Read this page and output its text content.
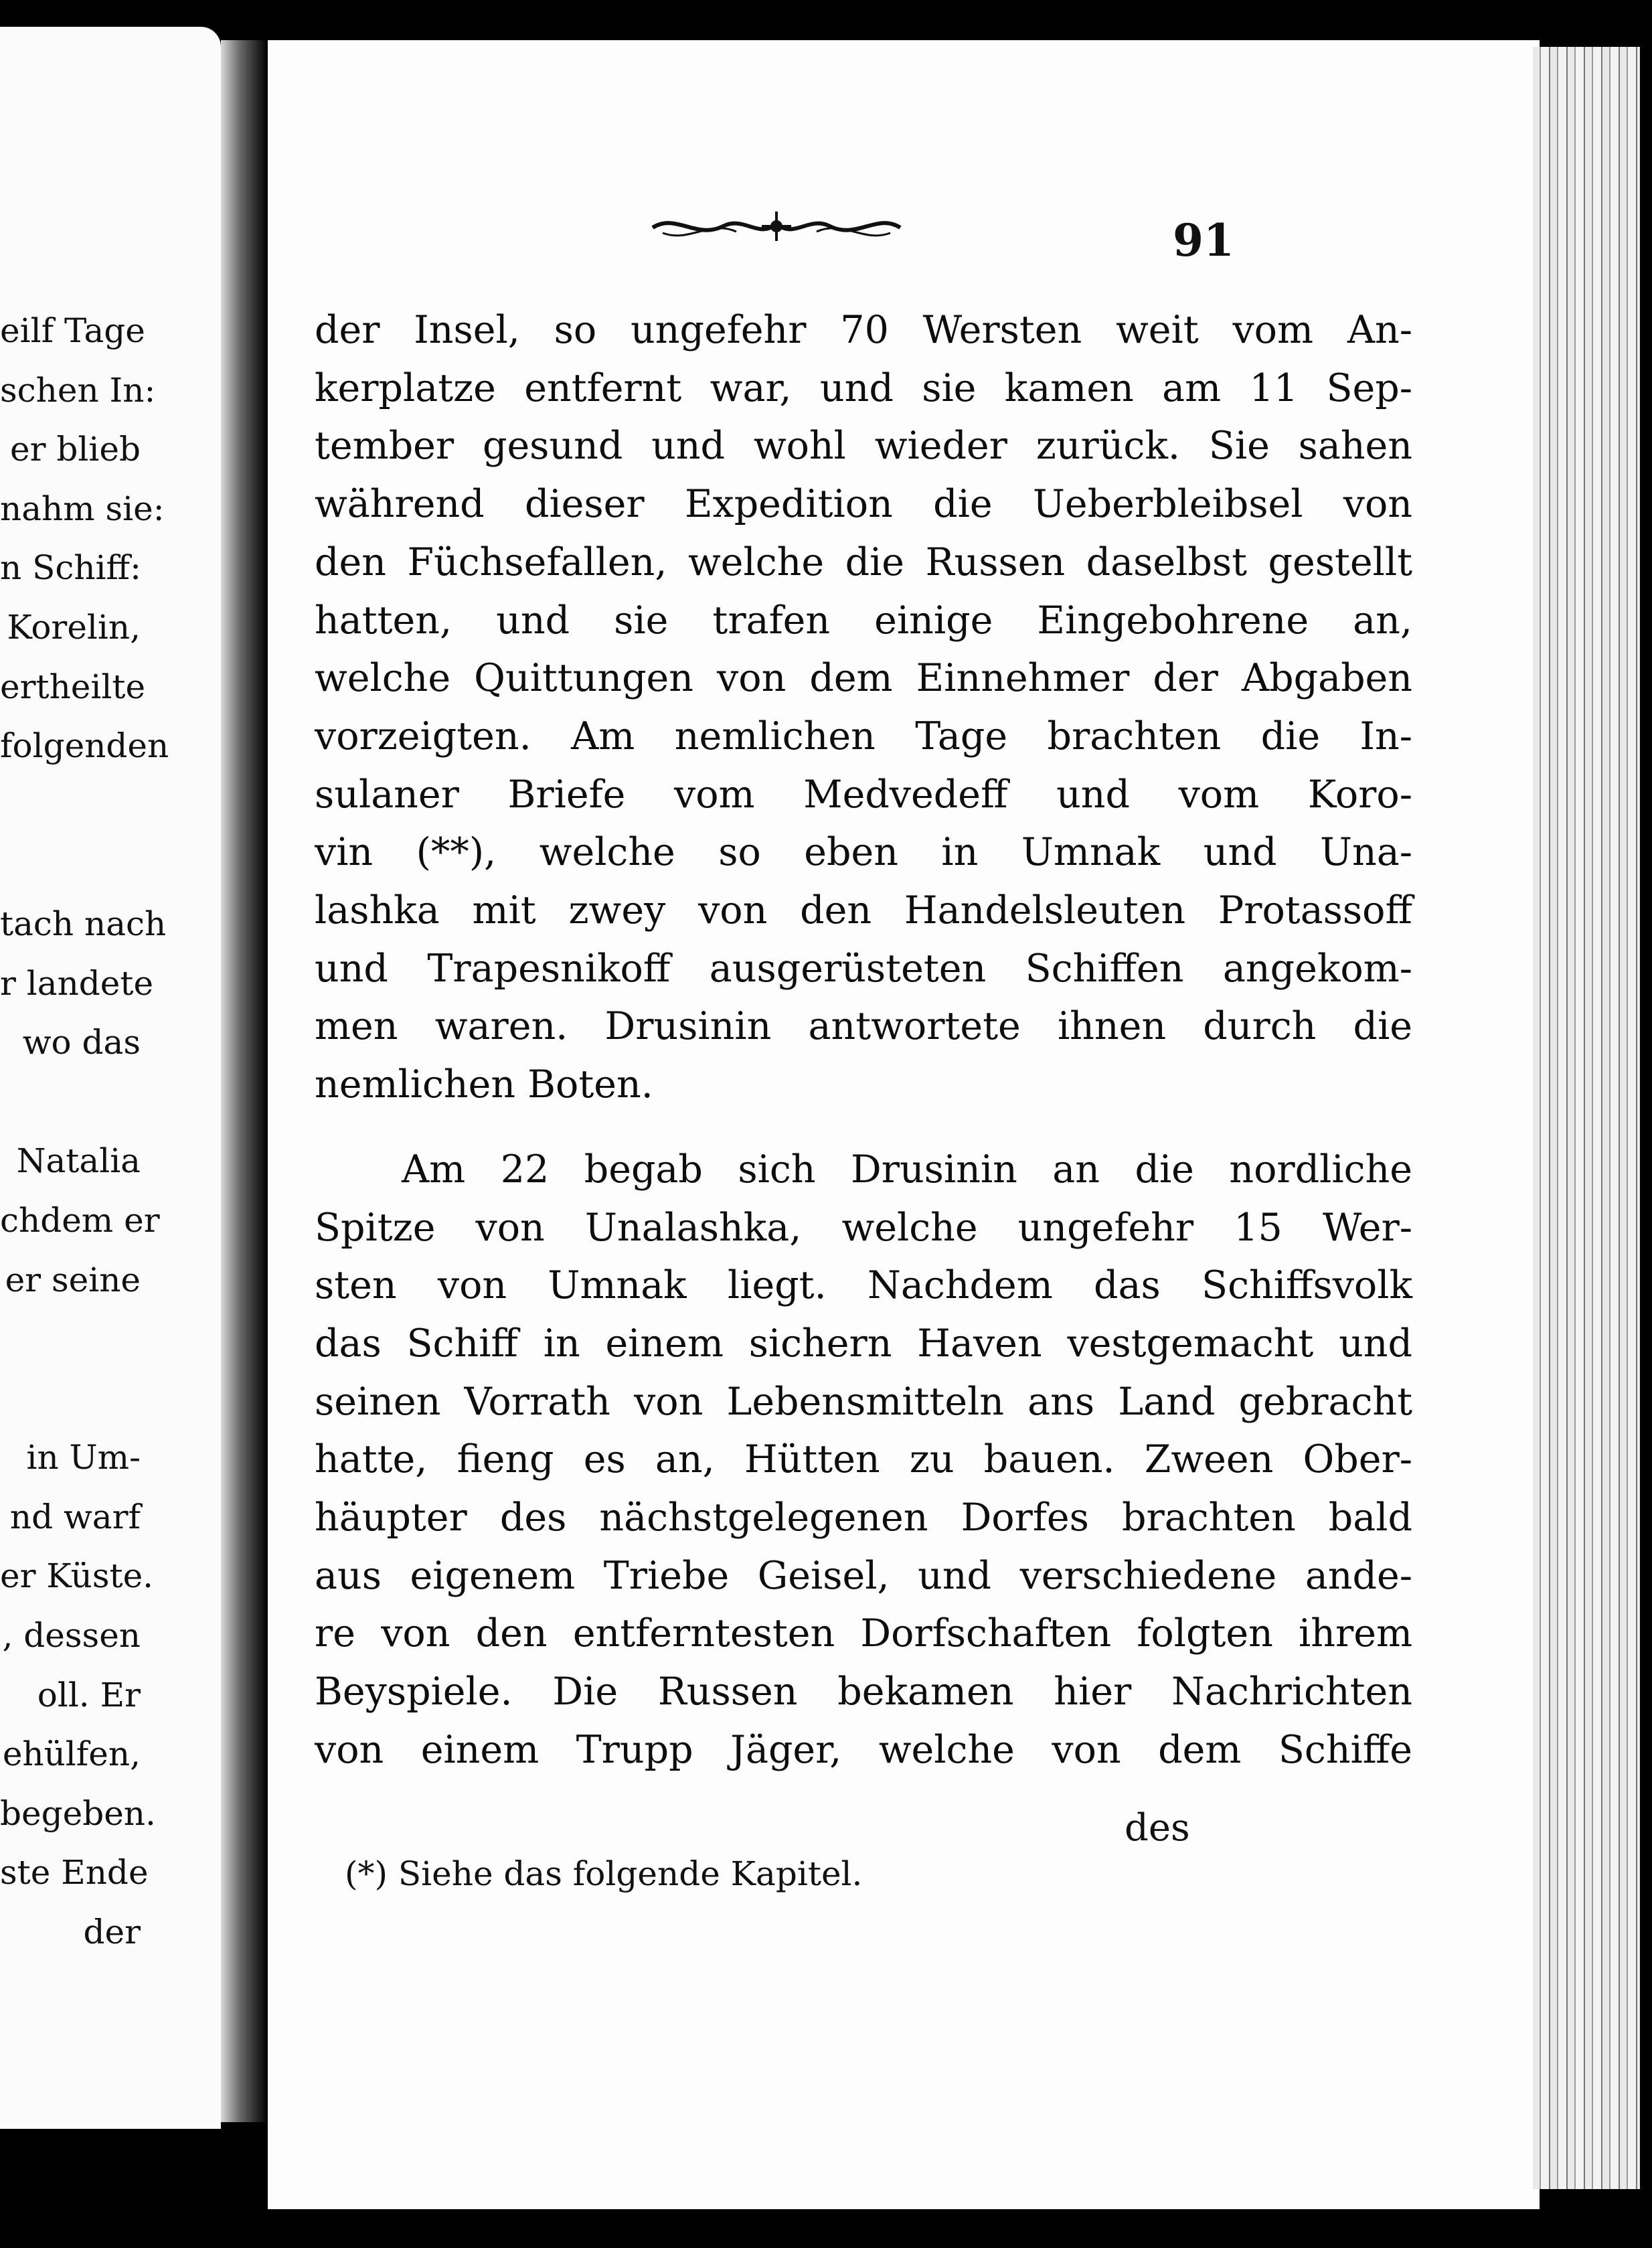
eilf Tage
schen In:
er blieb
nahm sie:
n Schiff:
Korelin,
ertheilte
folgenden

tach nach
r landete
wo das

Natalia
chdem er
er seine

in Um-
nd warf
er Küste.
, dessen
oll. Er
ehülfen,
begeben.
ste Ende
der
91
der Insel, so ungefehr 70 Wersten weit vom An-
kerplatze entfernt war, und sie kamen am 11 Sep-
tember gesund und wohl wieder zurück. Sie sahen
während dieser Expedition die Ueberbleibsel von
den Füchsefallen, welche die Russen daselbst gestellt
hatten, und sie trafen einige Eingebohrene an,
welche Quittungen von dem Einnehmer der Abgaben
vorzeigten. Am nemlichen Tage brachten die In-
sulaner Briefe vom Medvedeff und vom Koro-
vin (**), welche so eben in Umnak und Una-
lashka mit zwey von den Handelsleuten Protassoff
und Trapesnikoff ausgerüsteten Schiffen angekom-
men waren. Drusinin antwortete ihnen durch die
nemlichen Boten.
Am 22 begab sich Drusinin an die nordliche
Spitze von Unalashka, welche ungefehr 15 Wer-
sten von Umnak liegt. Nachdem das Schiffsvolk
das Schiff in einem sichern Haven vestgemacht und
seinen Vorrath von Lebensmitteln ans Land gebracht
hatte, fieng es an, Hütten zu bauen. Zween Ober-
häupter des nächstgelegenen Dorfes brachten bald
aus eigenem Triebe Geisel, und verschiedene ande-
re von den entferntesten Dorfschaften folgten ihrem
Beyspiele. Die Russen bekamen hier Nachrichten
von einem Trupp Jäger, welche von dem Schiffe
des
(*) Siehe das folgende Kapitel.
